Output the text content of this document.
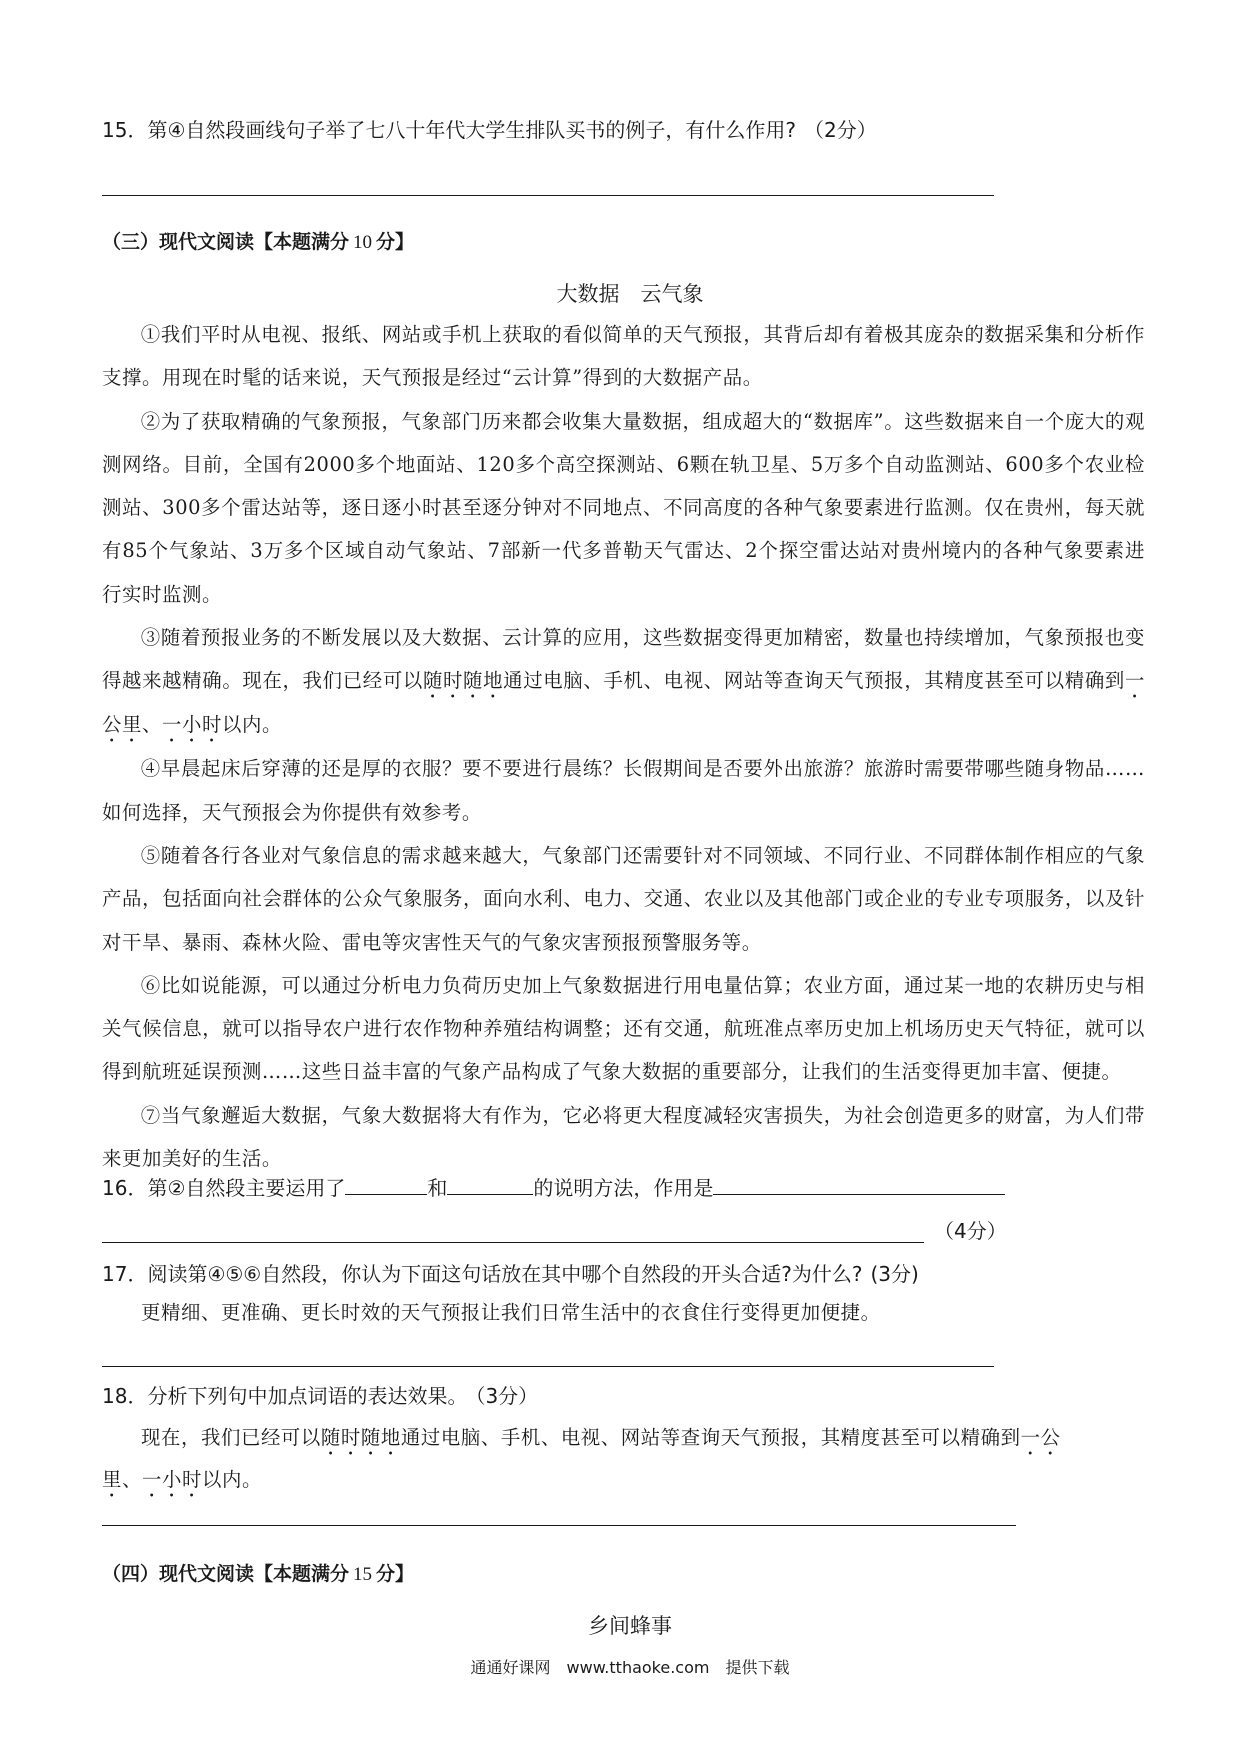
15．第④自然段画线句子举了七八十年代大学生排队买书的例子，有什么作用? （2分）
（三）现代文阅读【本题满分 10 分】
大数据　云气象

①我们平时从电视、报纸、网站或手机上获取的看似简单的天气预报，其背后却有着极其庞杂的数据采集和分析作支撑。用现在时髦的话来说，天气预报是经过“云计算”得到的大数据产品。

②为了获取精确的气象预报，气象部门历来都会收集大量数据，组成超大的“数据库”。这些数据来自一个庞大的观测网络。目前，全国有2000多个地面站、120多个高空探测站、6颗在轨卫星、5万多个自动监测站、600多个农业检测站、300多个雷达站等，逐日逐小时甚至逐分钟对不同地点、不同高度的各种气象要素进行监测。仅在贵州，每天就有85个气象站、3万多个区域自动气象站、7部新一代多普勒天气雷达、2个探空雷达站对贵州境内的各种气象要素进行实时监测。

③随着预报业务的不断发展以及大数据、云计算的应用，这些数据变得更加精密，数量也持续增加，气象预报也变得越来越精确。现在，我们已经可以随时随地通过电脑、手机、电视、网站等查询天气预报，其精度甚至可以精确到一公里、一小时以内。

④早晨起床后穿薄的还是厚的衣服？要不要进行晨练？长假期间是否要外出旅游？旅游时需要带哪些随身物品……如何选择，天气预报会为你提供有效参考。

⑤随着各行各业对气象信息的需求越来越大，气象部门还需要针对不同领域、不同行业、不同群体制作相应的气象产品，包括面向社会群体的公众气象服务，面向水利、电力、交通、农业以及其他部门或企业的专业专项服务，以及针对干旱、暴雨、森林火险、雷电等灾害性天气的气象灾害预报预警服务等。

⑥比如说能源，可以通过分析电力负荷历史加上气象数据进行用电量估算；农业方面，通过某一地的农耕历史与相关气候信息，就可以指导农户进行农作物种养殖结构调整；还有交通，航班准点率历史加上机场历史天气特征，就可以得到航班延误预测……这些日益丰富的气象产品构成了气象大数据的重要部分，让我们的生活变得更加丰富、便捷。

⑦当气象邂逅大数据，气象大数据将大有作为，它必将更大程度减轻灾害损失，为社会创造更多的财富，为人们带来更加美好的生活。

16．第②自然段主要运用了	和	的说明方法，作用是
（4分）
17．阅读第④⑤⑥自然段，你认为下面这句话放在其中哪个自然段的开头合适?为什么? (3分)
更精细、更准确、更长时效的天气预报让我们日常生活中的衣食住行变得更加便捷。
18．分析下列句中加点词语的表达效果。 （3分）
现在，我们已经可以随时随地通过电脑、手机、电视、网站等查询天气预报，其精度甚至可以精确到一公
里、一小时以内。
（四）现代文阅读【本题满分 15 分】
乡间蜂事
通通好课网　www.tthaoke.com　提供下载
